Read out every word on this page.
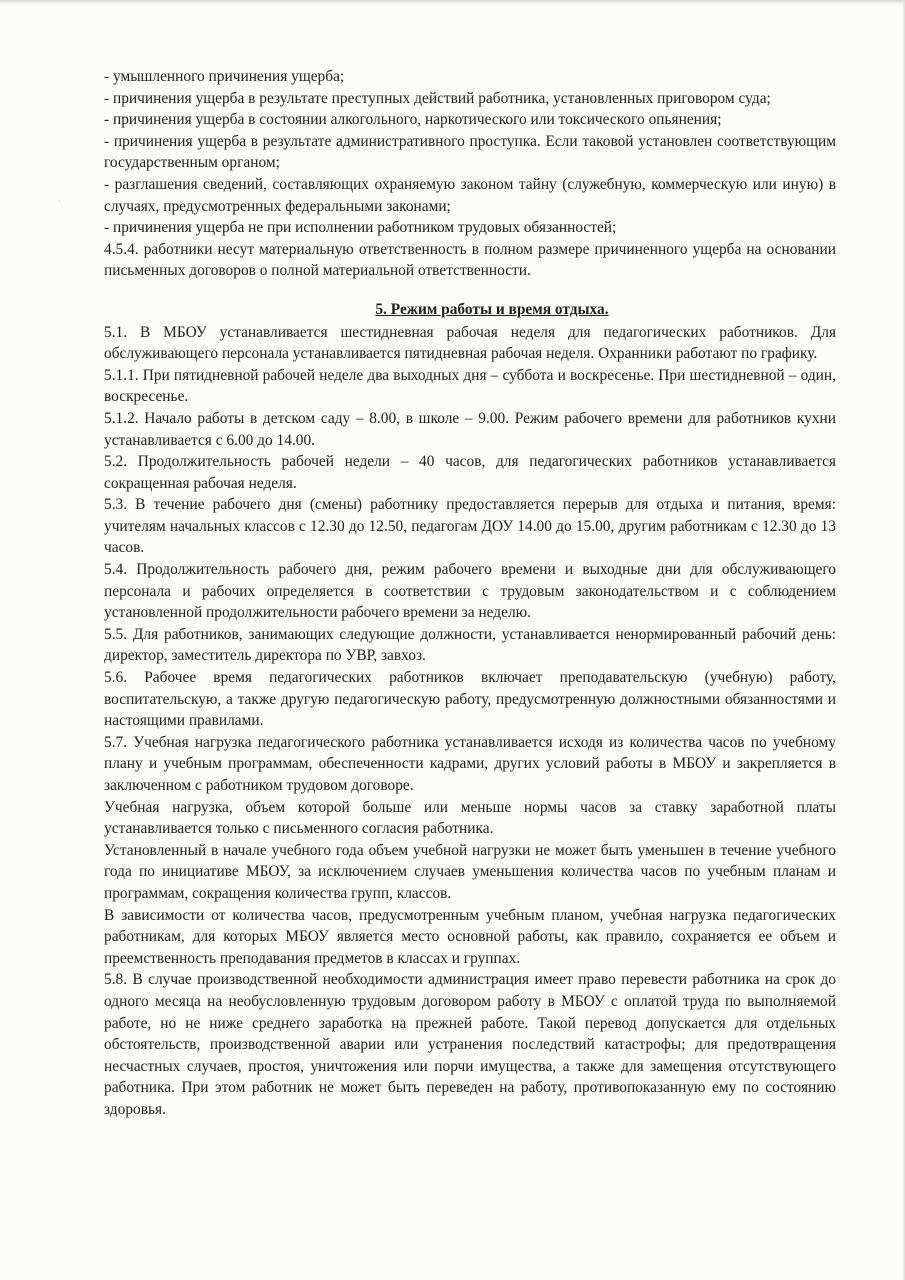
·

- умышленного причинения ущерба;

- причинения ущерба в результате преступных действий работника, установленных приговором суда;

- причинения ущерба в состоянии алкогольного, наркотического или токсического опьянения;

- причинения ущерба в результате административного проступка. Если таковой установлен соответствующим государственным органом;

- разглашения сведений, составляющих охраняемую законом тайну (служебную, коммерческую или иную) в случаях, предусмотренных федеральными законами;

- причинения ущерба не при исполнении работником трудовых обязанностей;

4.5.4. работники несут материальную ответственность в полном размере причиненного ущерба на основании письменных договоров о полной материальной ответственности.

5. Режим работы и время отдыха.

5.1. В МБОУ устанавливается шестидневная рабочая неделя для педагогических работников. Для обслуживающего персонала устанавливается пятидневная рабочая неделя. Охранники работают по графику.

5.1.1. При пятидневной рабочей неделе два выходных дня – суббота и воскресенье. При шестидневной – один, воскресенье.

5.1.2. Начало работы в детском саду – 8.00, в школе – 9.00. Режим рабочего времени для работников кухни устанавливается с 6.00 до 14.00.

5.2. Продолжительность рабочей недели – 40 часов, для педагогических работников устанавливается сокращенная рабочая неделя.

5.3. В течение рабочего дня (смены) работнику предоставляется перерыв для отдыха и питания, время: учителям начальных классов с 12.30 до 12.50, педагогам ДОУ 14.00 до 15.00, другим работникам с 12.30 до 13 часов.

5.4. Продолжительность рабочего дня, режим рабочего времени и выходные дни для обслуживающего персонала и рабочих определяется в соответствии с трудовым законодательством и с соблюдением установленной продолжительности рабочего времени за неделю.

5.5. Для работников, занимающих следующие должности, устанавливается ненормированный рабочий день: директор, заместитель директора по УВР, завхоз.

5.6. Рабочее время педагогических работников включает преподавательскую (учебную) работу, воспитательскую, а также другую педагогическую работу, предусмотренную должностными обязанностями и настоящими правилами.

5.7. Учебная нагрузка педагогического работника устанавливается исходя из количества часов по учебному плану и учебным программам, обеспеченности кадрами, других условий работы в МБОУ и закрепляется в заключенном с работником трудовом договоре.

Учебная нагрузка, объем которой больше или меньше нормы часов за ставку заработной платы устанавливается только с письменного согласия работника.

Установленный в начале учебного года объем учебной нагрузки не может быть уменьшен в течение учебного года по инициативе МБОУ, за исключением случаев уменьшения количества часов по учебным планам и программам, сокращения количества групп, классов.

В зависимости от количества часов, предусмотренным учебным планом, учебная нагрузка педагогических работникам, для которых МБОУ является место основной работы, как правило, сохраняется ее объем и преемственность преподавания предметов в классах и группах.

5.8. В случае производственной необходимости администрация имеет право перевести работника на срок до одного месяца на необусловленную трудовым договором работу в МБОУ с оплатой труда по выполняемой работе, но не ниже среднего заработка на прежней работе. Такой перевод допускается для отдельных обстоятельств, производственной аварии или устранения последствий катастрофы; для предотвращения несчастных случаев, простоя, уничтожения или порчи имущества, а также для замещения отсутствующего работника. При этом работник не может быть переведен на работу, противопоказанную ему по состоянию здоровья.
